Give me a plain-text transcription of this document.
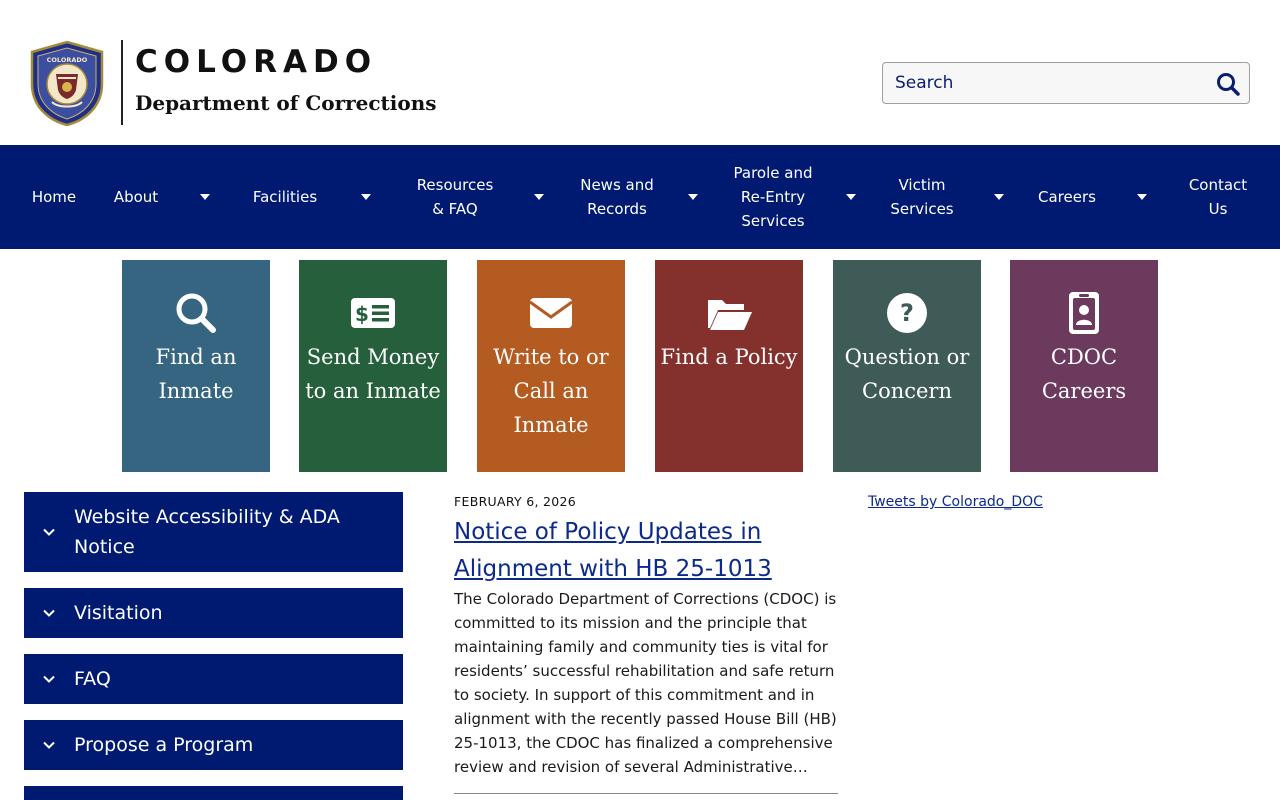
COLORADO COLORADO
Department of Corrections
Search
Home	About	Facilities
Resources
& FAQ
News and
Records
Parole and
Re-Entry
Services
Victim
Services
Careers
Contact
Us
Find an Inmate
$
Send Money to an Inmate
Write to or Call an Inmate
Find a Policy
?
Question or Concern
CDOC Careers
Website Accessibility & ADA Notice
Visitation
FAQ
Propose a Program
FEBRUARY 6, 2026
Notice of Policy Updates in Alignment with HB 25-1013
The Colorado Department of Corrections (CDOC) is committed to its mission and the principle that maintaining family and community ties is vital for residents’ successful rehabilitation and safe return to society. In support of this commitment and in alignment with the recently passed House Bill (HB) 25-1013, the CDOC has finalized a comprehensive review and revision of several Administrative…
Tweets by Colorado_DOC
